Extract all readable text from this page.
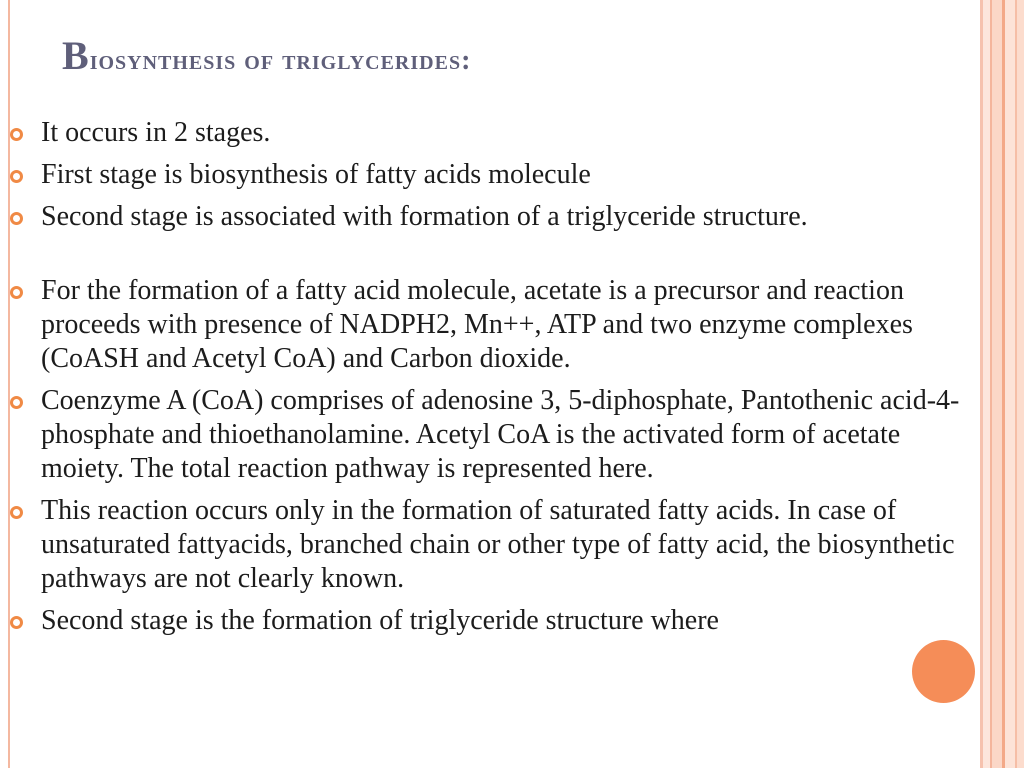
Biosynthesis of triglycerides:
It occurs in 2 stages.
First stage is biosynthesis of fatty acids molecule
Second stage is associated with formation of a triglyceride structure.
For the formation of a fatty acid molecule, acetate is a precursor and reaction proceeds with presence of NADPH2, Mn++, ATP and two enzyme complexes (CoASH and Acetyl CoA) and Carbon dioxide.
Coenzyme A (CoA) comprises of adenosine 3, 5-diphosphate, Pantothenic acid-4-phosphate and thioethanolamine. Acetyl CoA is the activated form of acetate moiety. The total reaction pathway is represented here.
This reaction occurs only in the formation of saturated fatty acids. In case of unsaturated fattyacids, branched chain or other type of fatty acid, the biosynthetic pathways are not clearly known.
Second stage is the formation of triglyceride structure where
